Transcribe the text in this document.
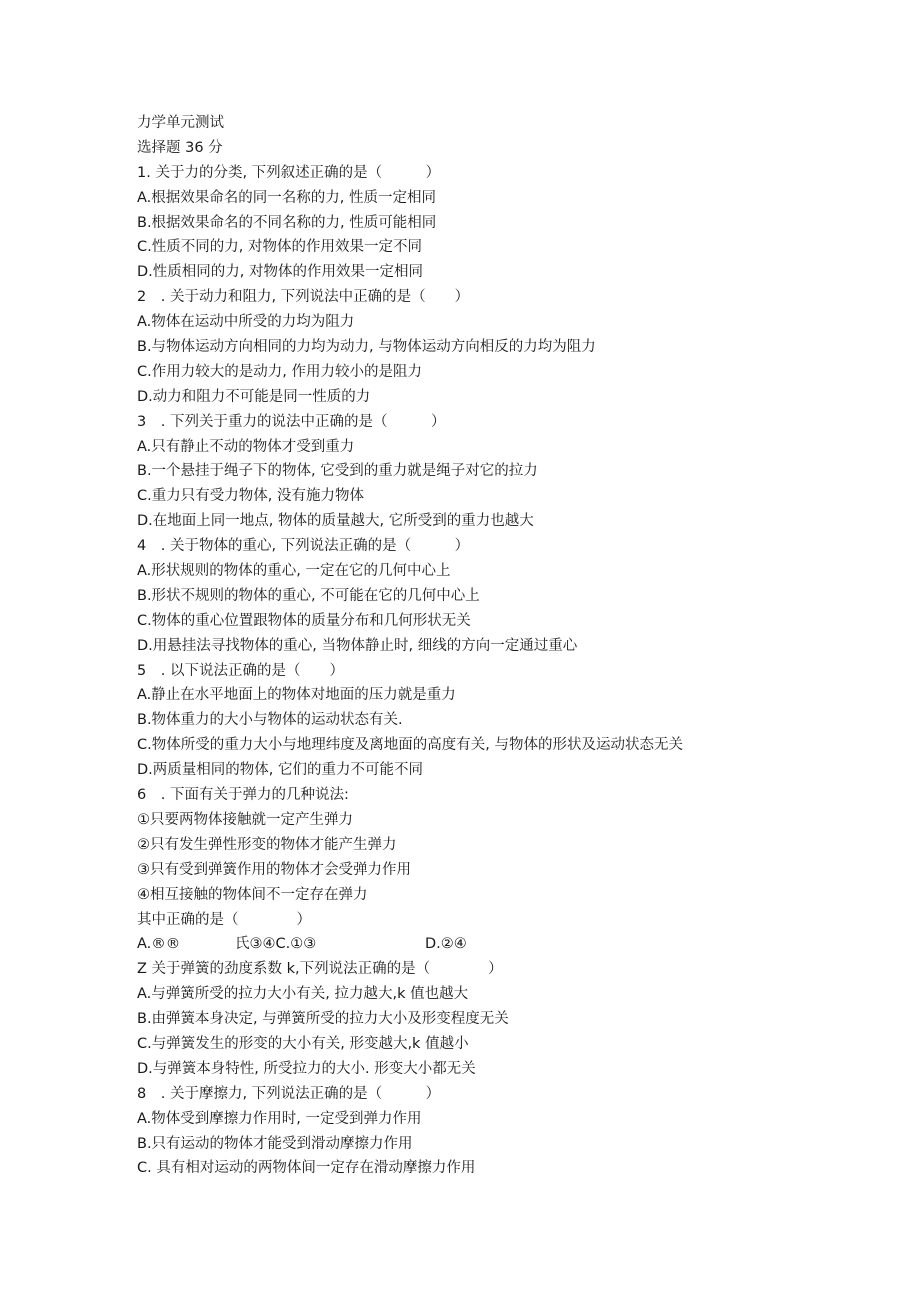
力学单元测试
选择题 36 分
1. 关于力的分类, 下列叙述正确的是（　　　）
A.根据效果命名的同一名称的力, 性质一定相同
B.根据效果命名的不同名称的力, 性质可能相同
C.性质不同的力, 对物体的作用效果一定不同
D.性质相同的力, 对物体的作用效果一定相同
2　. 关于动力和阻力, 下列说法中正确的是（　　）
A.物体在运动中所受的力均为阻力
B.与物体运动方向相同的力均为动力, 与物体运动方向相反的力均为阻力
C.作用力较大的是动力, 作用力较小的是阻力
D.动力和阻力不可能是同一性质的力
3　. 下列关于重力的说法中正确的是（　　　）
A.只有静止不动的物体才受到重力
B.一个悬挂于绳子下的物体, 它受到的重力就是绳子对它的拉力
C.重力只有受力物体, 没有施力物体
D.在地面上同一地点, 物体的质量越大, 它所受到的重力也越大
4　. 关于物体的重心, 下列说法正确的是（　　　）
A.形状规则的物体的重心, 一定在它的几何中心上
B.形状不规则的物体的重心, 不可能在它的几何中心上
C.物体的重心位置跟物体的质量分布和几何形状无关
D.用悬挂法寻找物体的重心, 当物体静止时, 细线的方向一定通过重心
5　. 以下说法正确的是（　　）
A.静止在水平地面上的物体对地面的压力就是重力
B.物体重力的大小与物体的运动状态有关.
C.物体所受的重力大小与地理纬度及离地面的高度有关, 与物体的形状及运动状态无关
D.两质量相同的物体, 它们的重力不可能不同
6　. 下面有关于弹力的几种说法:
①只要两物体接触就一定产生弹力
②只有发生弹性形变的物体才能产生弹力
③只有受到弹簧作用的物体才会受弹力作用
④相互接触的物体间不一定存在弹力
其中正确的是（　　　　）
A.®®	氏③④C.①③	D.②④
Z 关于弹簧的劲度系数 k,下列说法正确的是（　　　　）
A.与弹簧所受的拉力大小有关, 拉力越大,k 值也越大
B.由弹簧本身决定, 与弹簧所受的拉力大小及形变程度无关
C.与弹簧发生的形变的大小有关, 形变越大,k 值越小
D.与弹簧本身特性, 所受拉力的大小. 形变大小都无关
8　. 关于摩擦力, 下列说法正确的是（　　　）
A.物体受到摩擦力作用时, 一定受到弹力作用
B.只有运动的物体才能受到滑动摩擦力作用
C. 具有相对运动的两物体间一定存在滑动摩擦力作用
